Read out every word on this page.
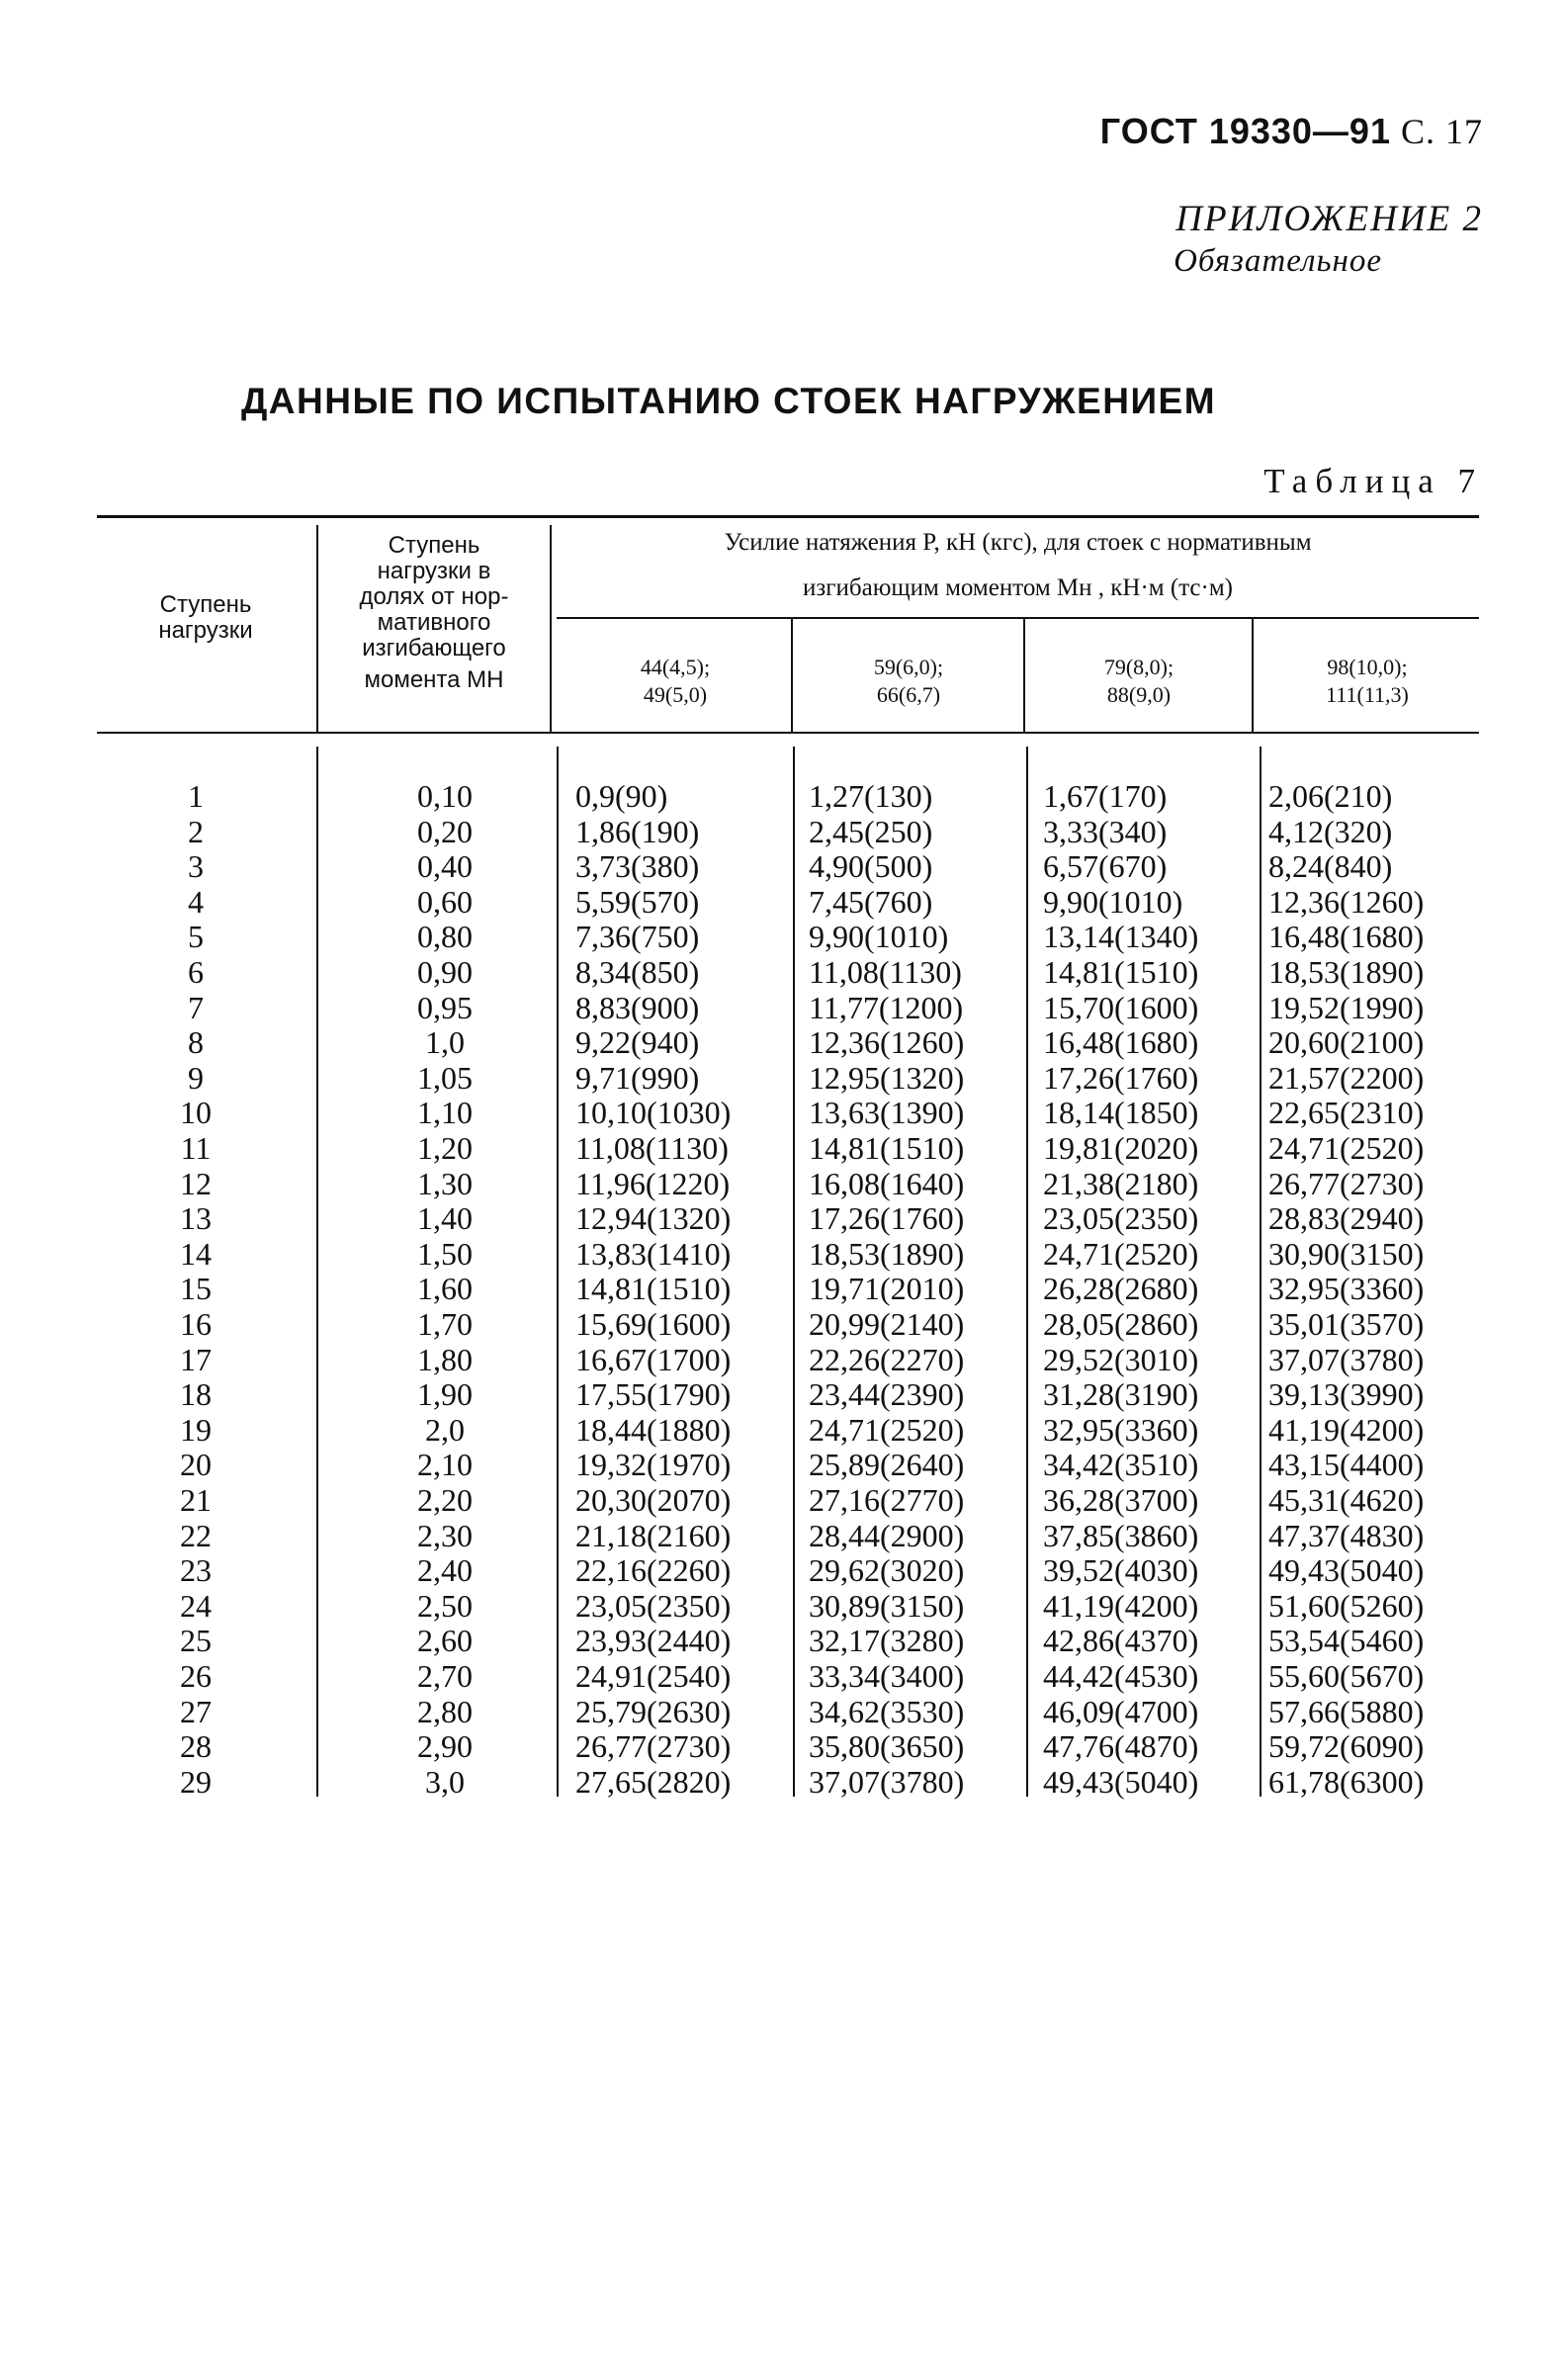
ГОСТ 19330—91 С. 17
ПРИЛОЖЕНИЕ 2
Обязательное
ДАННЫЕ ПО ИСПЫТАНИЮ СТОЕК НАГРУЖЕНИЕМ
Таблица 7
Ступень нагрузки
Ступень
нагрузки в
долях от нор-
мативного
изгибающего
момента МН
Усилие натяжения P, кН (кгс), для стоек с нормативным
изгибающим моментом Mн , кН·м (тс·м)
44(4,5);
49(5,0)
59(6,0);
66(6,7)
79(8,0);
88(9,0)
98(10,0);
111(11,3)
1	0,10	0,9(90)	1,27(130)	1,67(170)	2,06(210)
2	0,20	1,86(190)	2,45(250)	3,33(340)	4,12(320)
3	0,40	3,73(380)	4,90(500)	6,57(670)	8,24(840)
4	0,60	5,59(570)	7,45(760)	9,90(1010)	12,36(1260)
5	0,80	7,36(750)	9,90(1010)	13,14(1340) 16,48(1680)
6	0,90	8,34(850)	11,08(1130)	14,81(1510) 18,53(1890)
7	0,95	8,83(900)	11,77(1200)	15,70(1600) 19,52(1990)
8	1,0	9,22(940)	12,36(1260) 16,48(1680) 20,60(2100)
9	1,05	9,71(990)	12,95(1320) 17,26(1760) 21,57(2200)
10	1,10	10,10(1030) 13,63(1390) 18,14(1850) 22,65(2310)
11	1,20	11,08(1130)	14,81(1510) 19,81(2020) 24,71(2520)
12	1,30	11,96(1220) 16,08(1640) 21,38(2180) 26,77(2730)
13	1,40	12,94(1320) 17,26(1760) 23,05(2350) 28,83(2940)
14	1,50	13,83(1410) 18,53(1890) 24,71(2520) 30,90(3150)
15	1,60	14,81(1510) 19,71(2010) 26,28(2680) 32,95(3360)
16	1,70	15,69(1600) 20,99(2140) 28,05(2860) 35,01(3570)
17	1,80	16,67(1700) 22,26(2270) 29,52(3010) 37,07(3780)
18	1,90	17,55(1790) 23,44(2390) 31,28(3190) 39,13(3990)
19	2,0	18,44(1880) 24,71(2520) 32,95(3360) 41,19(4200)
20	2,10	19,32(1970) 25,89(2640) 34,42(3510) 43,15(4400)
21	2,20	20,30(2070) 27,16(2770) 36,28(3700) 45,31(4620)
22	2,30	21,18(2160) 28,44(2900) 37,85(3860) 47,37(4830)
23	2,40	22,16(2260) 29,62(3020) 39,52(4030) 49,43(5040)
24	2,50	23,05(2350) 30,89(3150) 41,19(4200) 51,60(5260)
25	2,60	23,93(2440) 32,17(3280) 42,86(4370) 53,54(5460)
26	2,70	24,91(2540) 33,34(3400) 44,42(4530) 55,60(5670)
27	2,80	25,79(2630) 34,62(3530) 46,09(4700) 57,66(5880)
28	2,90	26,77(2730) 35,80(3650) 47,76(4870) 59,72(6090)
29	3,0	27,65(2820) 37,07(3780) 49,43(5040) 61,78(6300)
